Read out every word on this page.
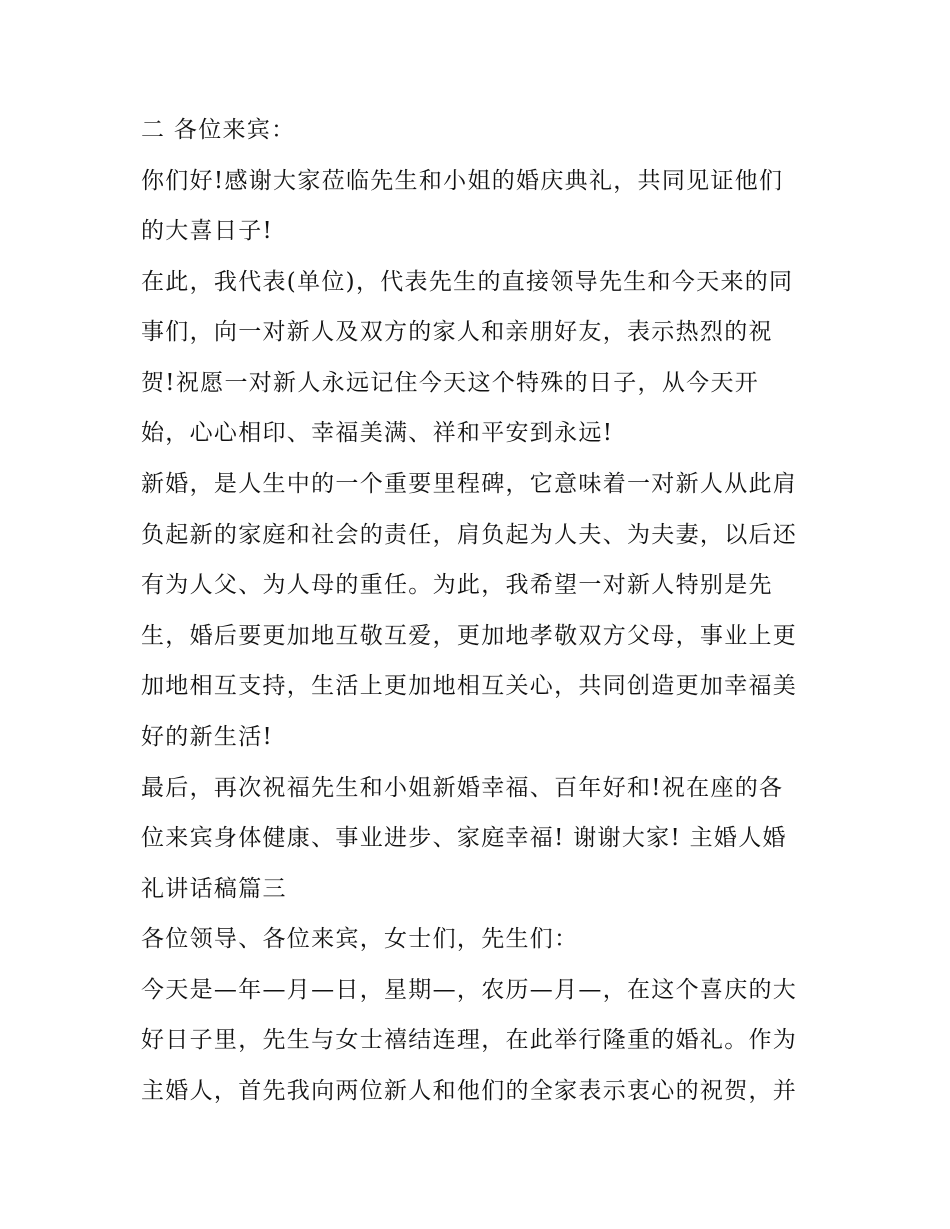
二 各位来宾：

你们好!感谢大家莅临先生和小姐的婚庆典礼，共同见证他们

的大喜日子!

在此，我代表(单位)，代表先生的直接领导先生和今天来的同

事们，向一对新人及双方的家人和亲朋好友，表示热烈的祝

贺!祝愿一对新人永远记住今天这个特殊的日子，从今天开

始，心心相印、幸福美满、祥和平安到永远!

新婚，是人生中的一个重要里程碑，它意味着一对新人从此肩

负起新的家庭和社会的责任，肩负起为人夫、为夫妻，以后还

有为人父、为人母的重任。为此，我希望一对新人特别是先

生，婚后要更加地互敬互爱，更加地孝敬双方父母，事业上更

加地相互支持，生活上更加地相互关心，共同创造更加幸福美

好的新生活!

最后，再次祝福先生和小姐新婚幸福、百年好和!祝在座的各

位来宾身体健康、事业进步、家庭幸福! 谢谢大家! 主婚人婚

礼讲话稿篇三

各位领导、各位来宾，女士们，先生们：

今天是—年—月—日，星期—，农历—月—，在这个喜庆的大

好日子里，先生与女士禧结连理，在此举行隆重的婚礼。作为

主婚人，首先我向两位新人和他们的全家表示衷心的祝贺，并
